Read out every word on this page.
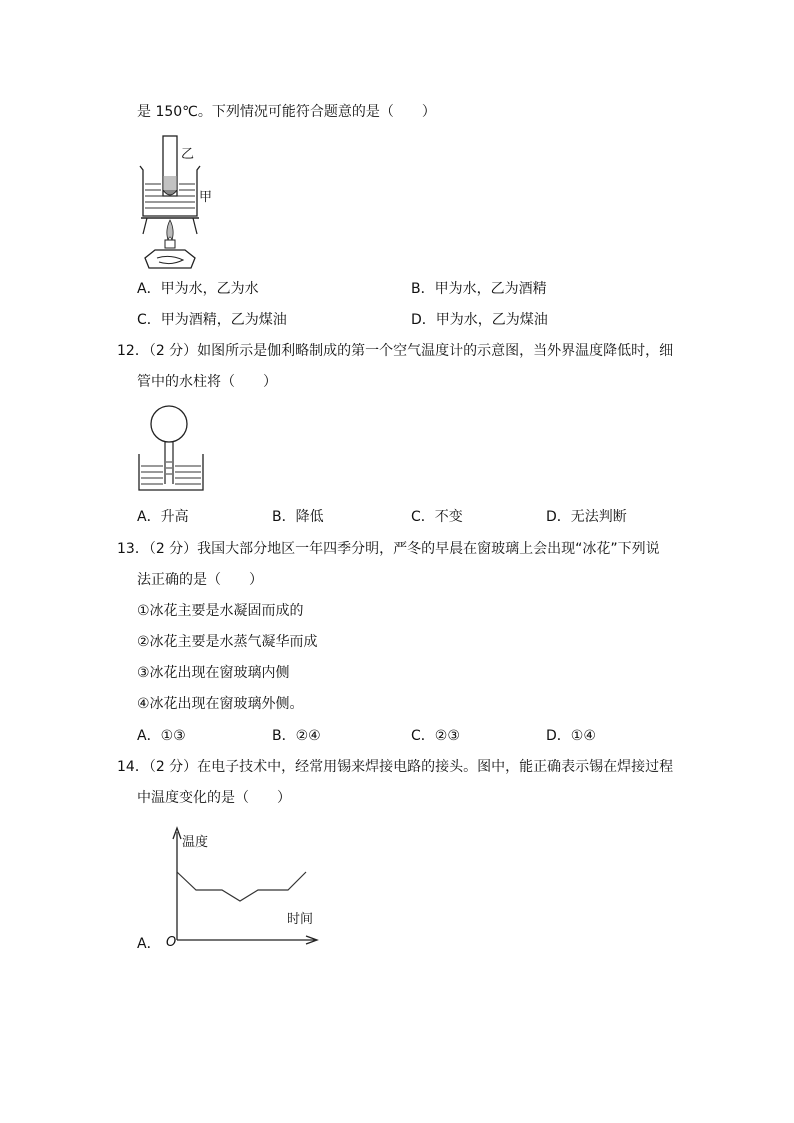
是 150℃。下列情况可能符合题意的是（　　）
乙
甲
A．甲为水，乙为水	B．甲为水，乙为酒精
C．甲为酒精，乙为煤油	D．甲为水，乙为煤油
12．（2 分）如图所示是伽利略制成的第一个空气温度计的示意图，当外界温度降低时，细
管中的水柱将（　　）
A．升高	B．降低	C．不变	D．无法判断
13．（2 分）我国大部分地区一年四季分明，严冬的早晨在窗玻璃上会出现“冰花”下列说
法正确的是（　　）
①冰花主要是水凝固而成的
②冰花主要是水蒸气凝华而成
③冰花出现在窗玻璃内侧
④冰花出现在窗玻璃外侧。
A．①③	B．②④	C．②③	D．①④
14．（2 分）在电子技术中，经常用锡来焊接电路的接头。图中，能正确表示锡在焊接过程
中温度变化的是（　　）
A．
温度
时间
O
